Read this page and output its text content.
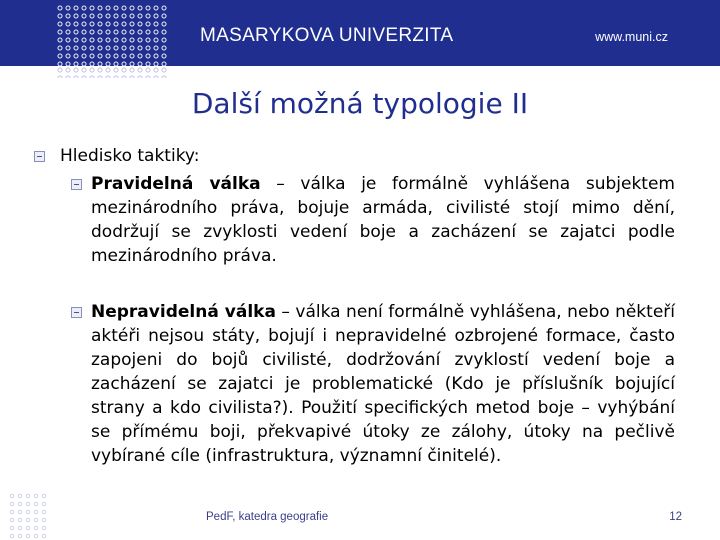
MASARYKOVA UNIVERZITA	www.muni.cz
Další možná typologie II
Hledisko taktiky:

Pravidelná válka – válka je formálně vyhlášena subjektem mezinárodního práva, bojuje armáda, civilisté stojí mimo dění, dodržují se zvyklosti vedení boje a zacházení se zajatci podle mezinárodního práva.

Nepravidelná válka – válka není formálně vyhlášena, nebo někteří aktéři nejsou státy, bojují i nepravidelné ozbrojené formace, často zapojeni do bojů civilisté, dodržování zvyklostí vedení boje a zacházení se zajatci je problematické (Kdo je příslušník bojující strany a kdo civilista?). Použití specifických metod boje – vyhýbání se přímému boji, překvapivé útoky ze zálohy, útoky na pečlivě vybírané cíle (infrastruktura, významní činitelé).

PedF, katedra geografie	12
